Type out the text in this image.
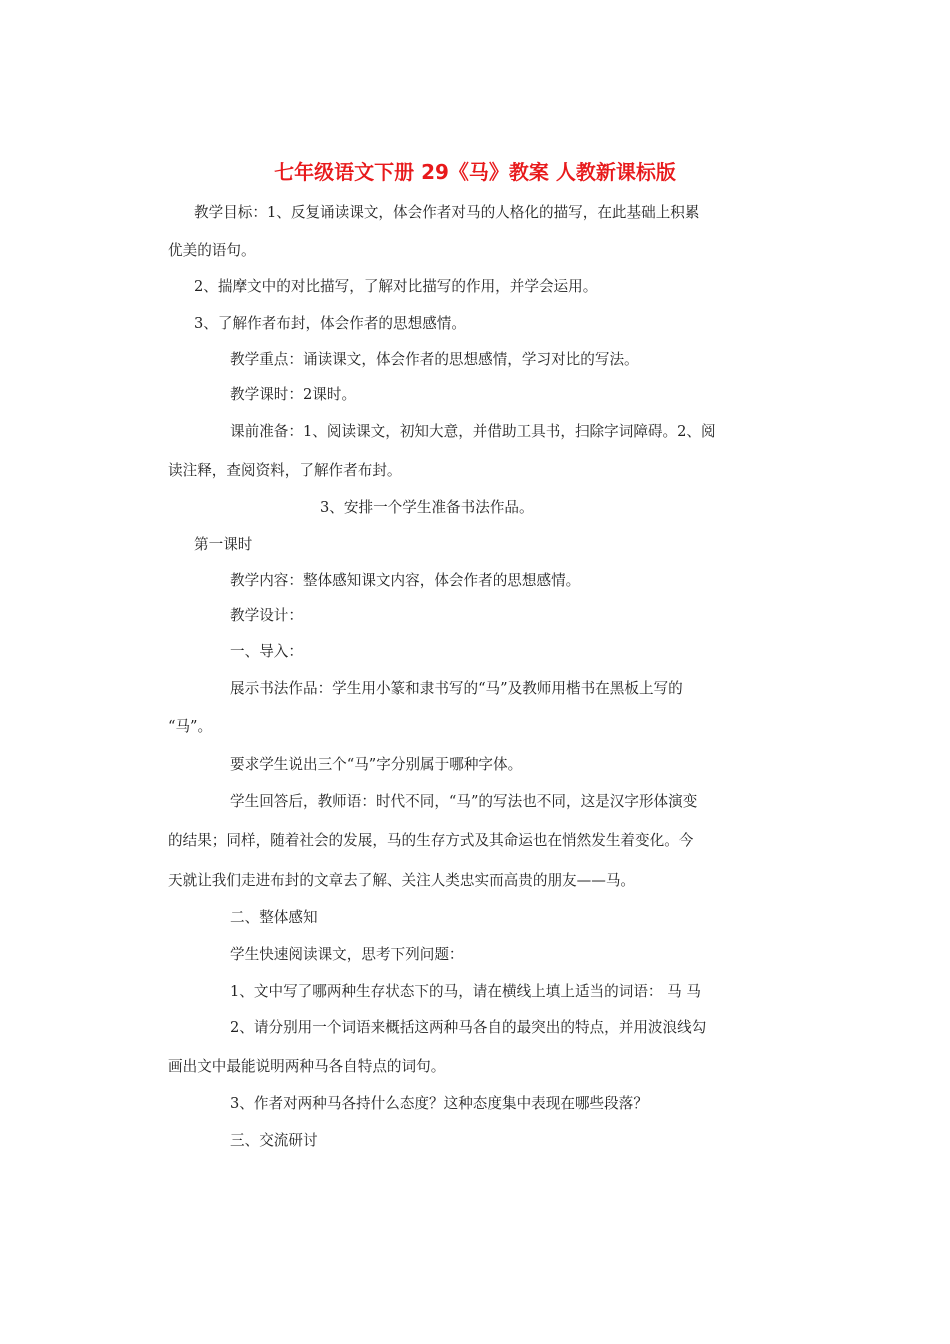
七年级语文下册 29《马》教案 人教新课标版
教学目标：1、反复诵读课文，体会作者对马的人格化的描写，在此基础上积累
优美的语句。
2、揣摩文中的对比描写，了解对比描写的作用，并学会运用。
3、了解作者布封，体会作者的思想感情。
教学重点：诵读课文，体会作者的思想感情，学习对比的写法。
教学课时：2课时。
课前准备：1、阅读课文，初知大意，并借助工具书，扫除字词障碍。2、阅
读注释，查阅资料，了解作者布封。
3、安排一个学生准备书法作品。
第一课时
教学内容：整体感知课文内容，体会作者的思想感情。
教学设计：
一、导入：
展示书法作品：学生用小篆和隶书写的“马”及教师用楷书在黑板上写的
“马”。
要求学生说出三个“马”字分别属于哪种字体。
学生回答后，教师语：时代不同，“马”的写法也不同，这是汉字形体演变
的结果；同样，随着社会的发展，马的生存方式及其命运也在悄然发生着变化。今
天就让我们走进布封的文章去了解、关注人类忠实而高贵的朋友——马。
二、整体感知
学生快速阅读课文，思考下列问题：
1、文中写了哪两种生存状态下的马，请在横线上填上适当的词语： 马 马
2、请分别用一个词语来概括这两种马各自的最突出的特点，并用波浪线勾
画出文中最能说明两种马各自特点的词句。
3、作者对两种马各持什么态度？这种态度集中表现在哪些段落？
三、交流研讨
